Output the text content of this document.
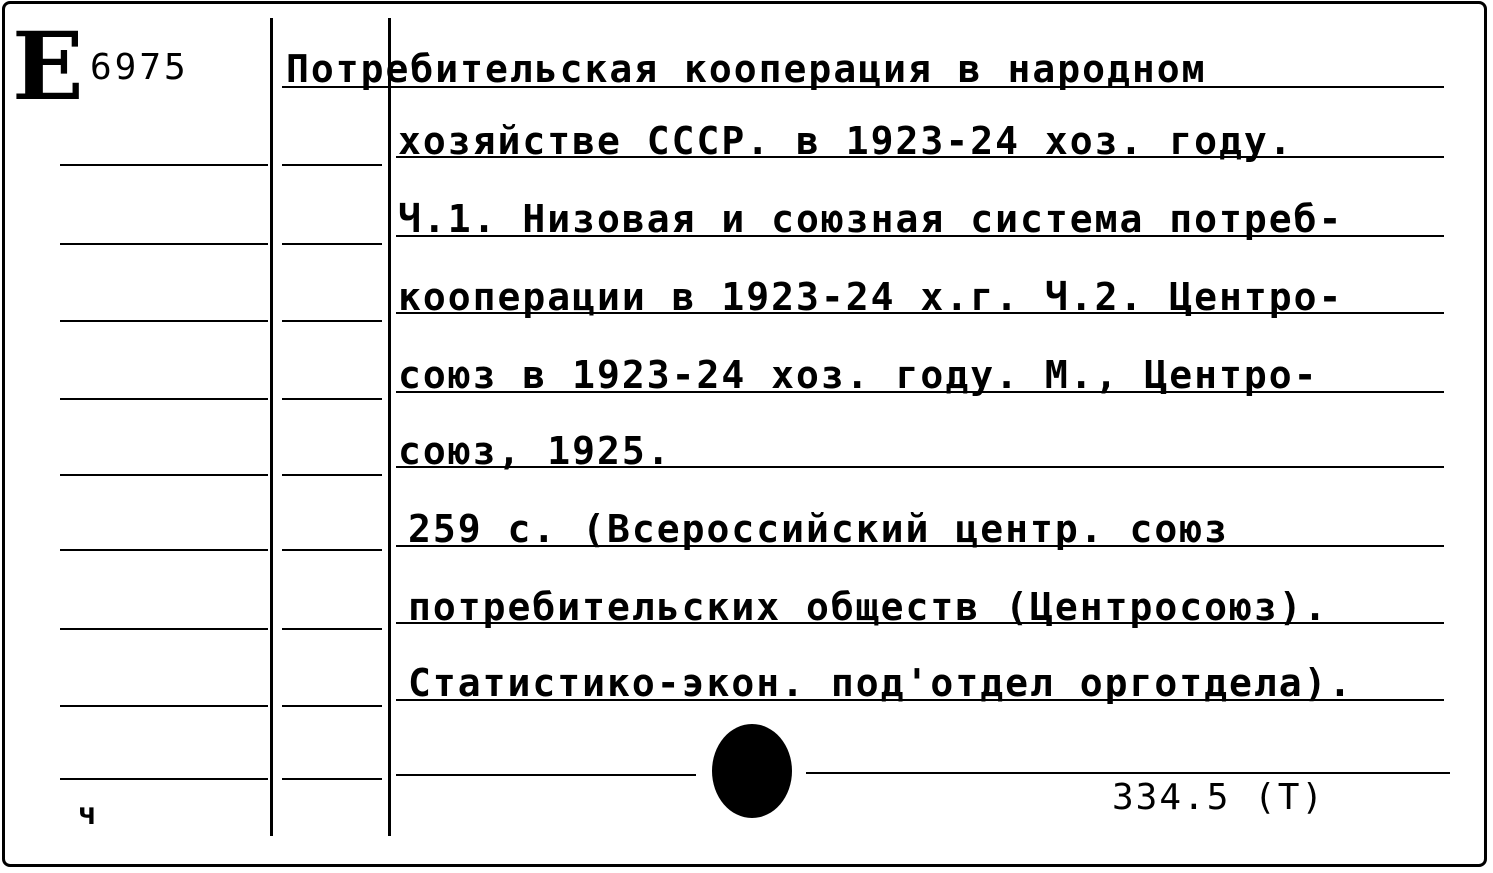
E 6975	Потребительская кооперация в народном
хозяйстве СССР. в 1923-24 хоз. году.
Ч.1. Низовая и союзная система потреб-
кооперации в 1923-24 х.г. Ч.2. Центро-
союз в 1923-24 хоз. году. М., Центро-
союз, 1925.
259 с. (Всероссийский центр. союз
потребительских обществ (Центросоюз).
Статистико-экон. под'отдел орготдела).
334.5 (Т)
ч
